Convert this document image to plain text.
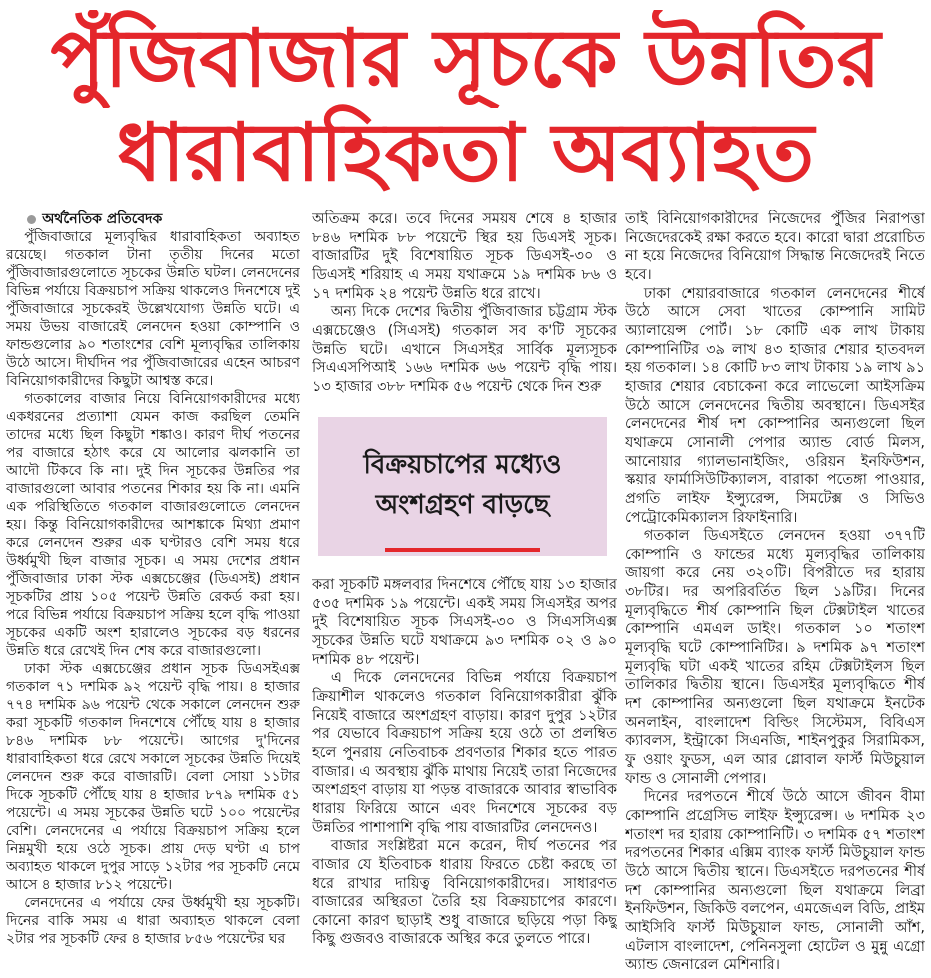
পুঁজিবাজার সূচকে উন্নতির
ধারাবাহিকতা অব্যাহত

অর্থনৈতিক প্রতিবেদক

পুঁজিবাজারে মূল্যবৃদ্ধির ধারাবাহিকতা অব্যাহত রয়েছে। গতকাল টানা তৃতীয় দিনের মতো পুঁজিবাজারগুলোতে সূচকের উন্নতি ঘটল। লেনদেনের বিভিন্ন পর্যায়ে বিক্রয়চাপ সক্রিয় থাকলেও দিনশেষে দুই পুঁজিবাজারে সূচকেরই উল্লেখযোগ্য উন্নতি ঘটে। এ সময় উভয় বাজারেই লেনদেন হওয়া কোম্পানি ও ফান্ডগুলোর ৯০ শতাংশের বেশি মূল্যবৃদ্ধির তালিকায় উঠে আসে। দীর্ঘদিন পর পুঁজিবাজারের এহেন আচরণ বিনিয়োগকারীদের কিছুটা আশ্বস্ত করে।

গতকালের বাজার নিয়ে বিনিয়োগকারীদের মধ্যে একধরনের প্রত্যাশা যেমন কাজ করছিল তেমনি তাদের মধ্যে ছিল কিছুটা শঙ্কাও। কারণ দীর্ঘ পতনের পর বাজারে হঠাৎ করে যে আলোর ঝলকানি তা আদৌ টিকবে কি না। দুই দিন সূচকের উন্নতির পর বাজারগুলো আবার পতনের শিকার হয় কি না। এমনি এক পরিস্থিতিতে গতকাল বাজারগুলোতে লেনদেন হয়। কিন্তু বিনিয়োগকারীদের আশঙ্কাকে মিথ্যা প্রমাণ করে লেনদেন শুরুর এক ঘণ্টারও বেশি সময় ধরে উর্ধ্বমুখী ছিল বাজার সূচক। এ সময় দেশের প্রধান পুঁজিবাজার ঢাকা স্টক এক্সচেঞ্জের (ডিএসই) প্রধান সূচকটির প্রায় ১০৫ পয়েন্ট উন্নতি রেকর্ড করা হয়। পরে বিভিন্ন পর্যায়ে বিক্রয়চাপ সক্রিয় হলে বৃদ্ধি পাওয়া সূচকের একটি অংশ হারালেও সূচকের বড় ধরনের উন্নতি ধরে রেখেই দিন শেষ করে বাজারগুলো।

ঢাকা স্টক এক্সচেঞ্জের প্রধান সূচক ডিএসইএক্স গতকাল ৭১ দশমিক ৯২ পয়েন্ট বৃদ্ধি পায়। ৪ হাজার ৭৭৪ দশমিক ৯৬ পয়েন্ট থেকে সকালে লেনদেন শুরু করা সূচকটি গতকাল দিনশেষে পৌঁছে যায় ৪ হাজার ৮৪৬ দশমিক ৮৮ পয়েন্টে। আগের দু'দিনের ধারাবাহিকতা ধরে রেখে সকালে সূচকের উন্নতি দিয়েই লেনদেন শুরু করে বাজারটি। বেলা সোয়া ১১টার দিকে সূচকটি পৌঁছে যায় ৪ হাজার ৮৭৯ দশমিক ৫১ পয়েন্টে। এ সময় সূচকের উন্নতি ঘটে ১০০ পয়েন্টের বেশি। লেনদেনের এ পর্যায়ে বিক্রয়চাপ সক্রিয় হলে নিম্নমুখী হয়ে ওঠে সূচক। প্রায় দেড় ঘণ্টা এ চাপ অব্যাহত থাকলে দুপুর সাড়ে ১২টার পর সূচকটি নেমে আসে ৪ হাজার ৮১২ পয়েন্টে।

লেনদেনের এ পর্যায়ে ফের উর্ধ্বমুখী হয় সূচকটি। দিনের বাকি সময় এ ধারা অব্যাহত থাকলে বেলা ২টার পর সূচকটি ফের ৪ হাজার ৮৫৬ পয়েন্টের ঘর

অতিক্রম করে। তবে দিনের সময়ষ শেষে ৪ হাজার ৮৪৬ দশমিক ৮৮ পয়েন্টে স্থির হয় ডিএসই সূচক। বাজারটির দুই বিশেষায়িত সূচক ডিএসই-৩০ ও ডিএসই শরিয়াহ এ সময় যথাক্রমে ১৯ দশমিক ৮৬ ও ১৭ দশমিক ২৪ পয়েন্ট উন্নতি ধরে রাখে।

অন্য দিকে দেশের দ্বিতীয় পুঁজিবাজার চট্টগ্রাম স্টক এক্সচেঞ্জেও (সিএসই) গতকাল সব ক'টি সূচকের উন্নতি ঘটে। এখানে সিএসইর সার্বিক মূল্যসূচক সিএএসপিআই ১৬৬ দশমিক ৬৬ পয়েন্ট বৃদ্ধি পায়। ১৩ হাজার ৩৮৮ দশমিক ৫৬ পয়েন্ট থেকে দিন শুরু

বিক্রয়চাপের মধ্যেও
অংশগ্রহণ বাড়ছে

করা সূচকটি মঙ্গলবার দিনশেষে পৌঁছে যায় ১৩ হাজার ৫৩৫ দশমিক ১৯ পয়েন্টে। একই সময় সিএসইর অপর দুই বিশেষায়িত সূচক সিএসই-৩০ ও সিএসসিএক্স সূচকের উন্নতি ঘটে যথাক্রমে ৯৩ দশমিক ০২ ও ৯০ দশমিক ৪৮ পয়েন্ট।

এ দিকে লেনদেনের বিভিন্ন পর্যায়ে বিক্রয়চাপ ক্রিয়াশীল থাকলেও গতকাল বিনিয়োগকারীরা ঝুঁকি নিয়েই বাজারে অংশগ্রহণ বাড়ায়। কারণ দুপুর ১২টার পর যেভাবে বিক্রয়চাপ সক্রিয় হয়ে ওঠে তা প্রলম্বিত হলে পুনরায় নেতিবাচক প্রবণতার শিকার হতে পারত বাজার। এ অবস্থায় ঝুঁকি মাথায় নিয়েই তারা নিজেদের অংশগ্রহণ বাড়ায় যা পড়ন্ত বাজারকে আবার স্বাভাবিক ধারায় ফিরিয়ে আনে এবং দিনশেষে সূচকের বড় উন্নতির পাশাপাশি বৃদ্ধি পায় বাজারটির লেনদেনও।

বাজার সংশ্লিষ্টরা মনে করেন, দীর্ঘ পতনের পর বাজার যে ইতিবাচক ধারায় ফিরতে চেষ্টা করছে তা ধরে রাখার দায়িত্ব বিনিয়োগকারীদের। সাধারণত বাজারের অস্থিরতা তৈরি হয় বিক্রয়চাপের কারণে। কোনো কারণ ছাড়াই শুধু বাজারে ছড়িয়ে পড়া কিছু কিছু গুজবও বাজারকে অস্থির করে তুলতে পারে।

তাই বিনিয়োগকারীদের নিজেদের পুঁজির নিরাপত্তা নিজেদেরকেই রক্ষা করতে হবে। কারো দ্বারা প্ররোচিত না হয়ে নিজেদের বিনিয়োগ সিদ্ধান্ত নিজেদেরই নিতে হবে।

ঢাকা শেয়ারবাজারে গতকাল লেনদেনের শীর্ষে উঠে আসে সেবা খাতের কোম্পানি সামিট অ্যালায়েন্স পোর্ট। ১৮ কোটি এক লাখ টাকায় কোম্পানিটির ৩৯ লাখ ৪৩ হাজার শেয়ার হাতবদল হয় গতকাল। ১৪ কোটি ৮৩ লাখ টাকায় ১৯ লাখ ৯১ হাজার শেয়ার বেচাকেনা করে লাভেলো আইসক্রিম উঠে আসে লেনদেনের দ্বিতীয় অবস্থানে। ডিএসইর লেনদেনের শীর্ষ দশ কোম্পানির অন্যগুলো ছিল যথাক্রমে সোনালী পেপার অ্যান্ড বোর্ড মিলস, আনোয়ার গ্যালভানাইজিং, ওরিয়ন ইনফিউশন, স্কয়ার ফার্মাসিউটিক্যালস, বারাকা পতেঙ্গা পাওয়ার, প্রগতি লাইফ ইন্স্যুরেন্স, সিমটেক্স ও সিভিও পেট্রোকেমিক্যালস রিফাইনারি।

গতকাল ডিএসইতে লেনদেন হওয়া ৩৭৭টি কোম্পানি ও ফান্ডের মধ্যে মূল্যবৃদ্ধির তালিকায় জায়গা করে নেয় ৩২০টি। বিপরীতে দর হারায় ৩৮টির। দর অপরিবর্তিত ছিল ১৯টির। দিনের মূল্যবৃদ্ধিতে শীর্ষ কোম্পানি ছিল টেক্সটাইল খাতের কোম্পানি এমএল ডাইং। গতকাল ১০ শতাংশ মূল্যবৃদ্ধি ঘটে কোম্পানিটির। ৯ দশমিক ৯৭ শতাংশ মূল্যবৃদ্ধি ঘটা একই খাতের রহিম টেক্সটাইলস ছিল তালিকার দ্বিতীয় স্থানে। ডিএসইর মূল্যবৃদ্ধিতে শীর্ষ দশ কোম্পানির অন্যগুলো ছিল যথাক্রমে ইনটেক অনলাইন, বাংলাদেশ বিল্ডিং সিস্টেমস, বিবিএস ক্যাবলস, ইন্ট্রাকো সিএনজি, শাইনপুকুর সিরামিকস, ফু ওয়াং ফুডস, এল আর গ্লোবাল ফার্স্ট মিউচুয়াল ফান্ড ও সোনালী পেপার।

দিনের দরপতনে শীর্ষে উঠে আসে জীবন বীমা কোম্পানি প্রগ্রেসিভ লাইফ ইন্স্যুরেন্স। ৬ দশমিক ২৩ শতাংশ দর হারায় কোম্পানিটি। ৩ দশমিক ৫৭ শতাংশ দরপতনের শিকার এক্সিম ব্যাংক ফার্স্ট মিউচুয়াল ফান্ড উঠে আসে দ্বিতীয় স্থানে। ডিএসইতে দরপতনের শীর্ষ দশ কোম্পানির অন্যগুলো ছিল যথাক্রমে লিব্রা ইনফিউশন, জিকিউ বলপেন, এমজেএল বিডি, প্রাইম আইসিবি ফার্স্ট মিউচুয়াল ফান্ড, সোনালী আঁশ, এটলাস বাংলাদেশ, পেনিনসুলা হোটেল ও মুন্নু এগ্রো অ্যান্ড জেনারেল মেশিনারি।
